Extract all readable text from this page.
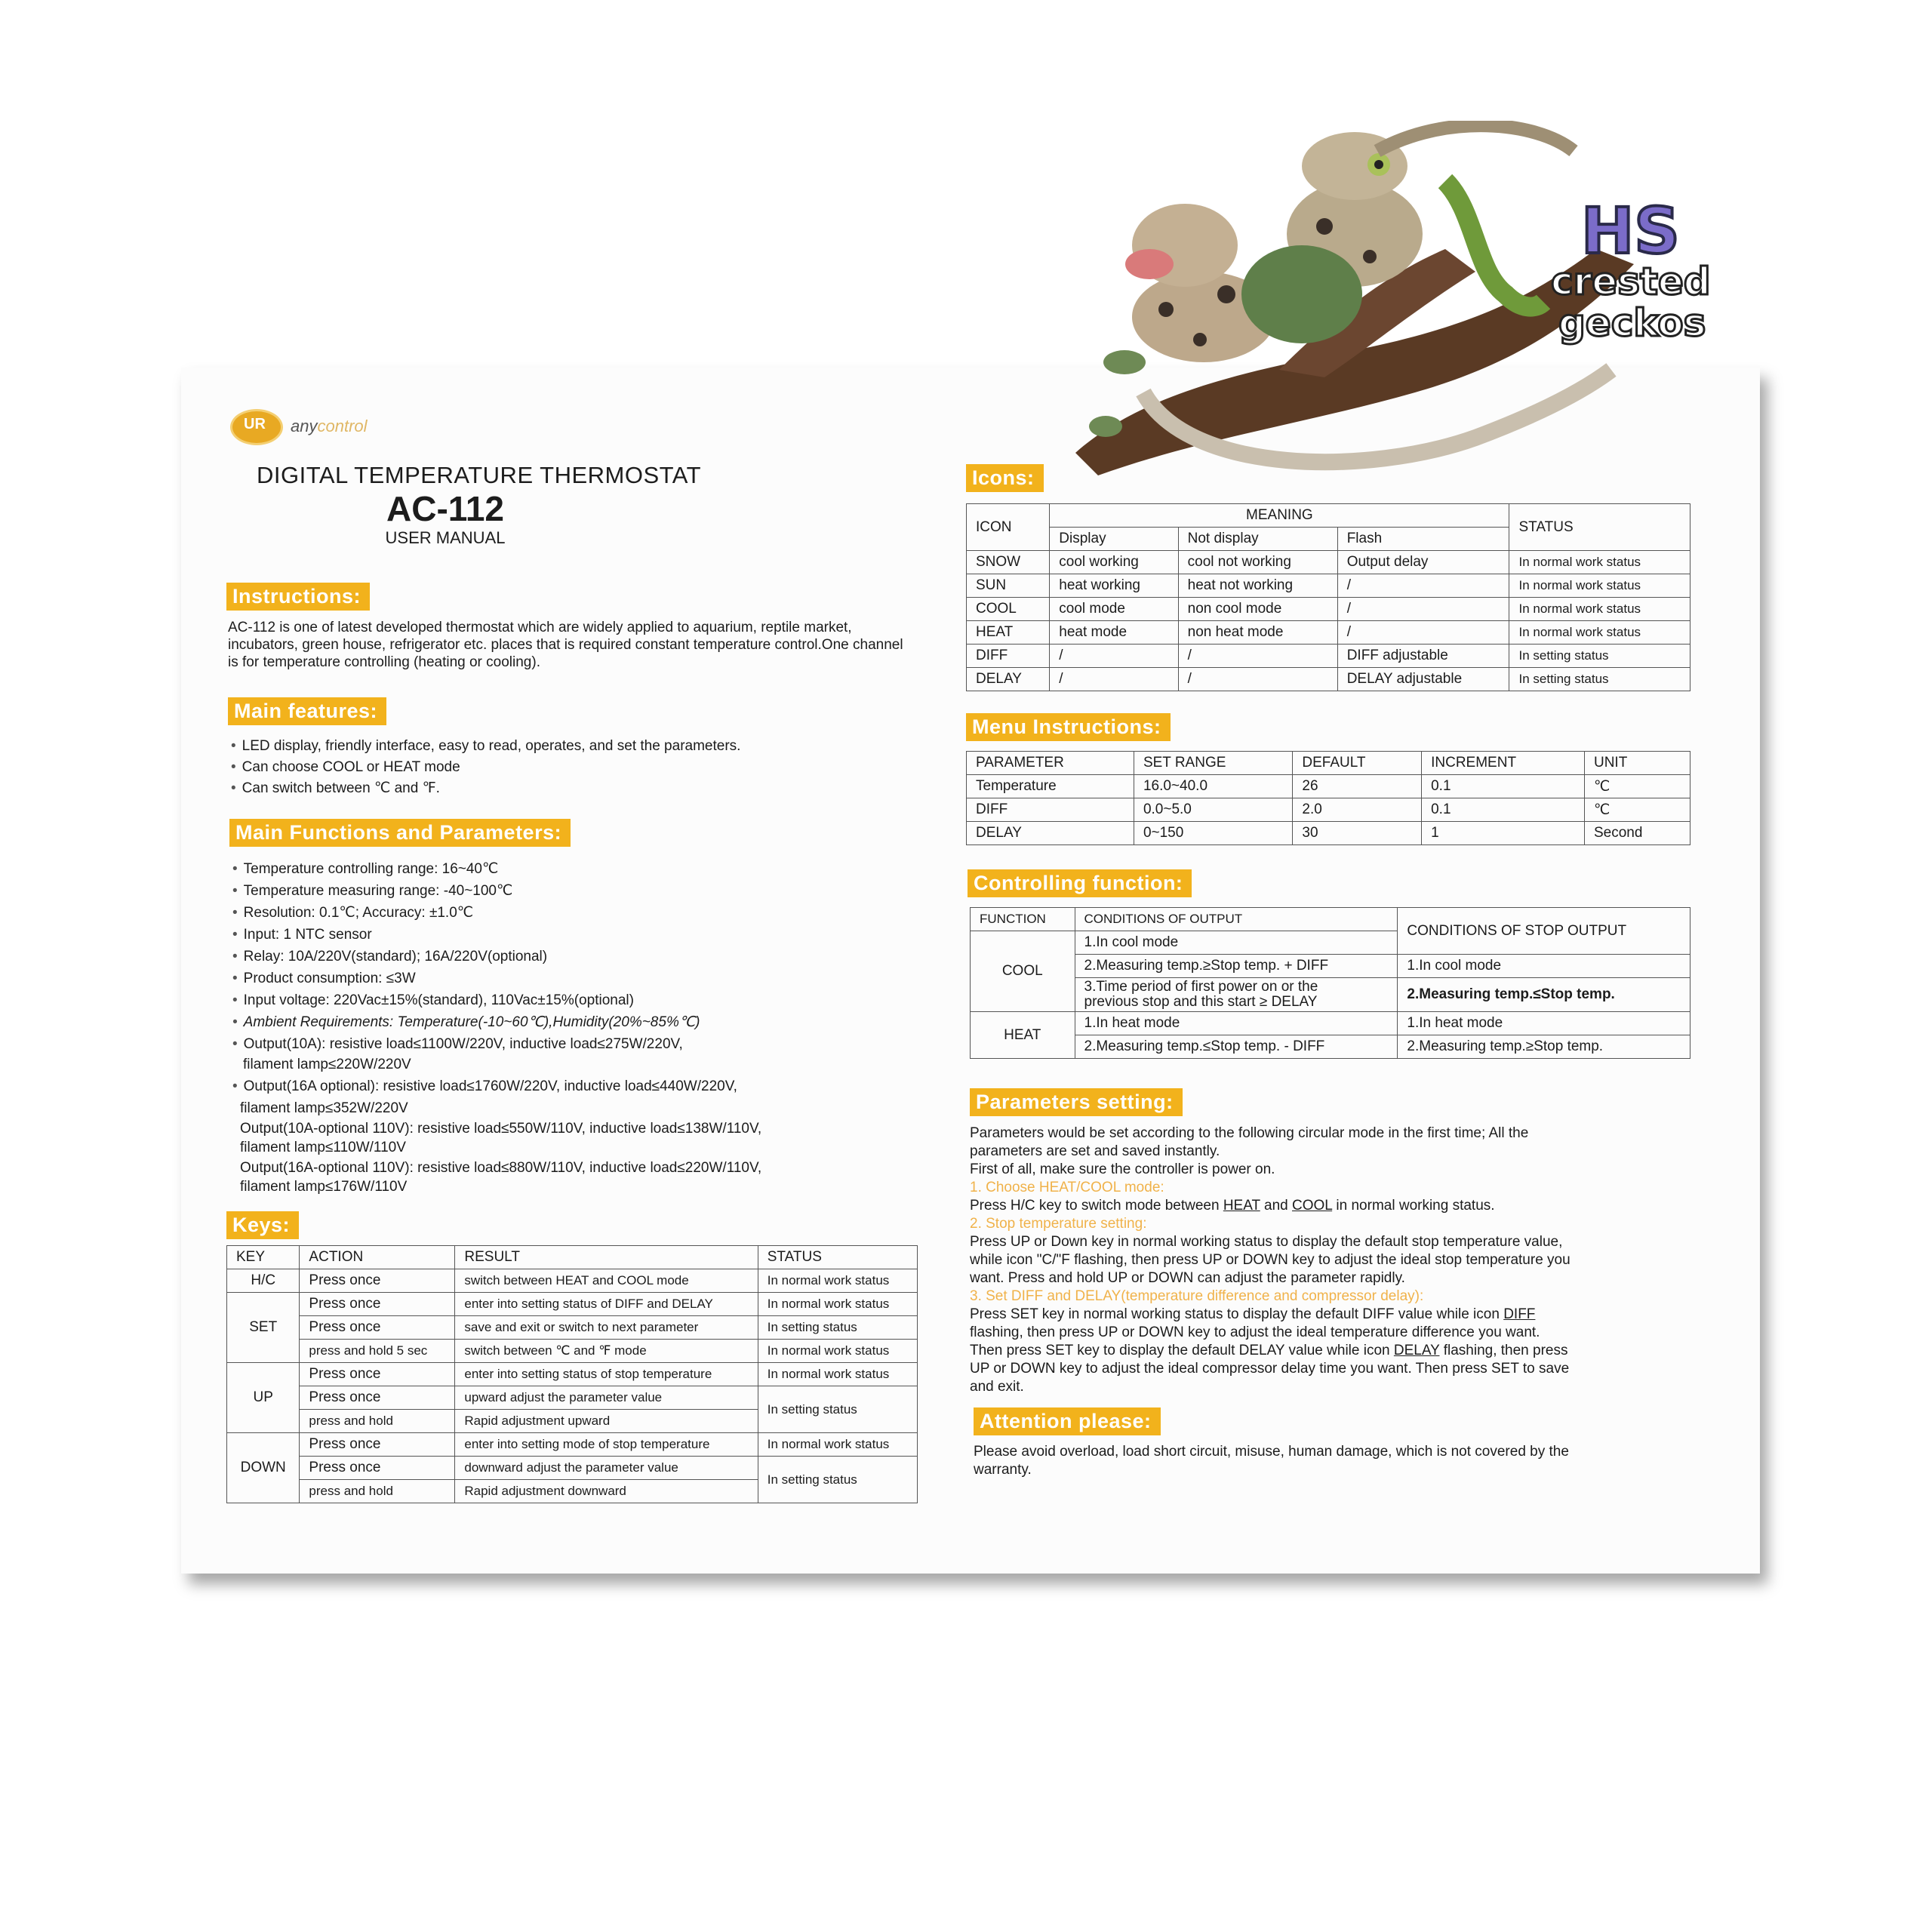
UR anycontrol
DIGITAL TEMPERATURE THERMOSTAT
AC-112
USER MANUAL
Instructions:
AC-112 is one of latest developed thermostat which are widely applied to aquarium, reptile market, incubators, green house, refrigerator etc. places that is required constant temperature control.One channel is for temperature controlling (heating or cooling).
Main features:
• LED display, friendly interface, easy to read, operates, and set the parameters.
• Can choose COOL or HEAT mode
• Can switch between ℃ and ℉.
Main Functions and Parameters:
• Temperature controlling range: 16~40℃
• Temperature measuring range: -40~100℃
• Resolution: 0.1℃; Accuracy: ±1.0℃
• Input: 1 NTC sensor
• Relay: 10A/220V(standard); 16A/220V(optional)
• Product consumption: ≤3W
• Input voltage: 220Vac±15%(standard), 110Vac±15%(optional)
• Ambient Requirements: Temperature(-10~60℃),Humidity(20%~85%℃)
• Output(10A): resistive load≤1100W/220V, inductive load≤275W/220V,
filament lamp≤220W/220V
• Output(16A optional): resistive load≤1760W/220V, inductive load≤440W/220V,
filament lamp≤352W/220V
Output(10A-optional 110V): resistive load≤550W/110V, inductive load≤138W/110V,
filament lamp≤110W/110V
Output(16A-optional 110V): resistive load≤880W/110V, inductive load≤220W/110V,
filament lamp≤176W/110V
Keys:
KEY	ACTION	RESULT	STATUS
H/C	Press once	switch between HEAT and COOL mode	In normal work status
SET	Press once	enter into setting status of DIFF and DELAY	In normal work status
	Press once	save and exit or switch to next parameter	In setting status
	press and hold 5 sec	switch between ℃ and ℉ mode	In normal work status
UP	Press once	enter into setting status of stop temperature	In normal work status
	Press once	upward adjust the parameter value	In setting status
	press and hold	Rapid adjustment upward	
DOWN	Press once	enter into setting mode of stop temperature	In normal work status
	Press once	downward adjust the parameter value	In setting status
	press and hold	Rapid adjustment downward	
Icons:
ICON	MEANING			STATUS
	Display	Not display	Flash	
SNOW	cool working	cool not working	Output delay	In normal work status
SUN	heat working	heat not working	/	In normal work status
COOL	cool mode	non cool mode	/	In normal work status
HEAT	heat mode	non heat mode	/	In normal work status
DIFF	/	/	DIFF adjustable	In setting status
DELAY	/	/	DELAY adjustable	In setting status
Menu Instructions:
PARAMETER	SET RANGE	DEFAULT	INCREMENT	UNIT
Temperature	16.0~40.0	26	0.1	℃
DIFF	0.0~5.0	2.0	0.1	℃
DELAY	0~150	30	1	Second
Controlling function:
FUNCTION	CONDITIONS OF OUTPUT	CONDITIONS OF STOP OUTPUT
COOL	1.In cool mode	
	2.Measuring temp.≥Stop temp. + DIFF	1.In cool mode

	3.Time period of first power on or the
previous stop and this start ≥ DELAY	2.Measuring temp.≤Stop temp.
HEAT	1.In heat mode	1.In heat mode
	2.Measuring temp.≤Stop temp. - DIFF	2.Measuring temp.≥Stop temp.
Parameters setting:
Parameters would be set according to the following circular mode in the first time; All the
parameters are set and saved instantly.
First of all, make sure the controller is power on.
1. Choose HEAT/COOL mode:
Press H/C key to switch mode between HEAT and COOL in normal working status.
2. Stop temperature setting:
Press UP or Down key in normal working status to display the default stop temperature value,
while icon "C/"F flashing, then press UP or DOWN key to adjust the ideal stop temperature you
want. Press and hold UP or DOWN can adjust the parameter rapidly.
3. Set DIFF and DELAY(temperature difference and compressor delay):
Press SET key in normal working status to display the default DIFF value while icon DIFF
flashing, then press UP or DOWN key to adjust the ideal temperature difference you want.
Then press SET key to display the default DELAY value while icon DELAY flashing, then press
UP or DOWN key to adjust the ideal compressor delay time you want. Then press SET to save
and exit.
Attention please:
Please avoid overload, load short circuit, misuse, human damage, which is not covered by the
warranty.
HS
crested
geckos
